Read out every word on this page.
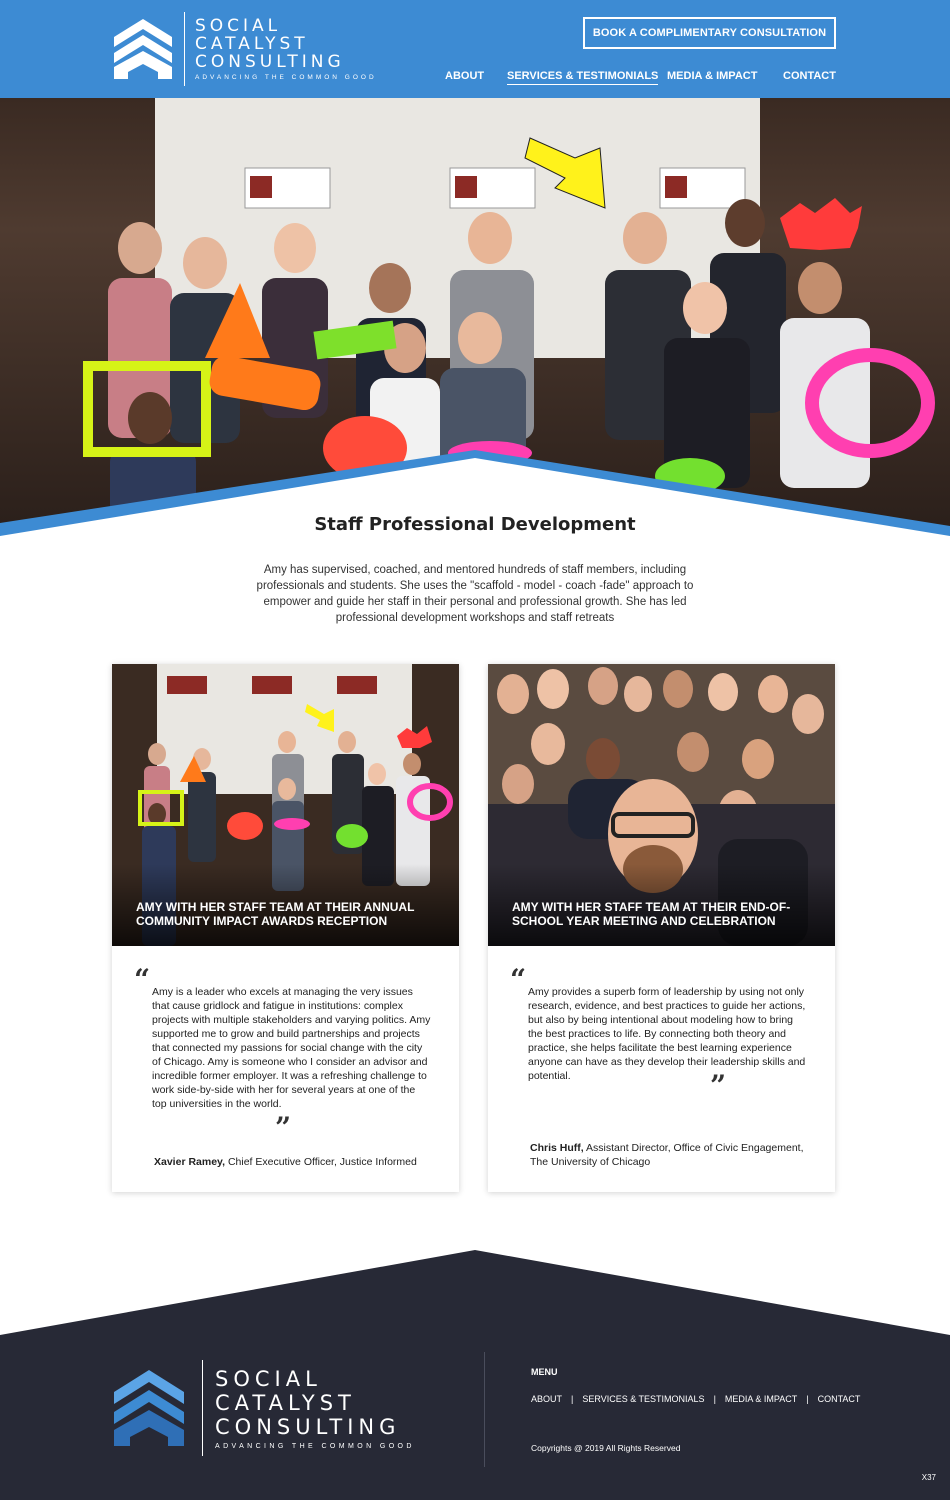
SOCIAL
CATALYST
CONSULTING
ADVANCING THE COMMON GOOD
BOOK A COMPLIMENTARY CONSULTATION
ABOUT SERVICES & TESTIMONIALS MEDIA & IMPACT CONTACT
Staff Professional Development

Amy has supervised, coached, and mentored hundreds of staff members, including professionals and students. She uses the "scaffold - model - coach -fade" approach to empower and guide her staff in their personal and professional growth. She has led professional development workshops and staff retreats

AMY WITH HER STAFF TEAM AT THEIR ANNUAL COMMUNITY IMPACT AWARDS RECEPTION
“ Amy is a leader who excels at managing the very issues that cause gridlock and fatigue in institutions: complex projects with multiple stakeholders and varying politics. Amy supported me to grow and build partnerships and projects that connected my passions for social change with the city of Chicago. Amy is someone who I consider an advisor and incredible former employer. It was a refreshing challenge to work side-by-side with her for several years at one of the top universities in the world.

”

Xavier Ramey, Chief Executive Officer, Justice Informed

AMY WITH HER STAFF TEAM AT THEIR END-OF-SCHOOL YEAR MEETING AND CELEBRATION
“ Amy provides a superb form of leadership by using not only research, evidence, and best practices to guide her actions, but also by being intentional about modeling how to bring the best practices to life. By connecting both theory and practice, she helps facilitate the best learning experience anyone can have as they develop their leadership skills and potential.	”

Chris Huff, Assistant Director, Office of Civic Engagement, The University of Chicago

SOCIAL
CATALYST
CONSULTING
ADVANCING THE COMMON GOOD
MENU
ABOUT | SERVICES & TESTIMONIALS | MEDIA & IMPACT | CONTACT
Copyrights @ 2019 All Rights Reserved
X37
